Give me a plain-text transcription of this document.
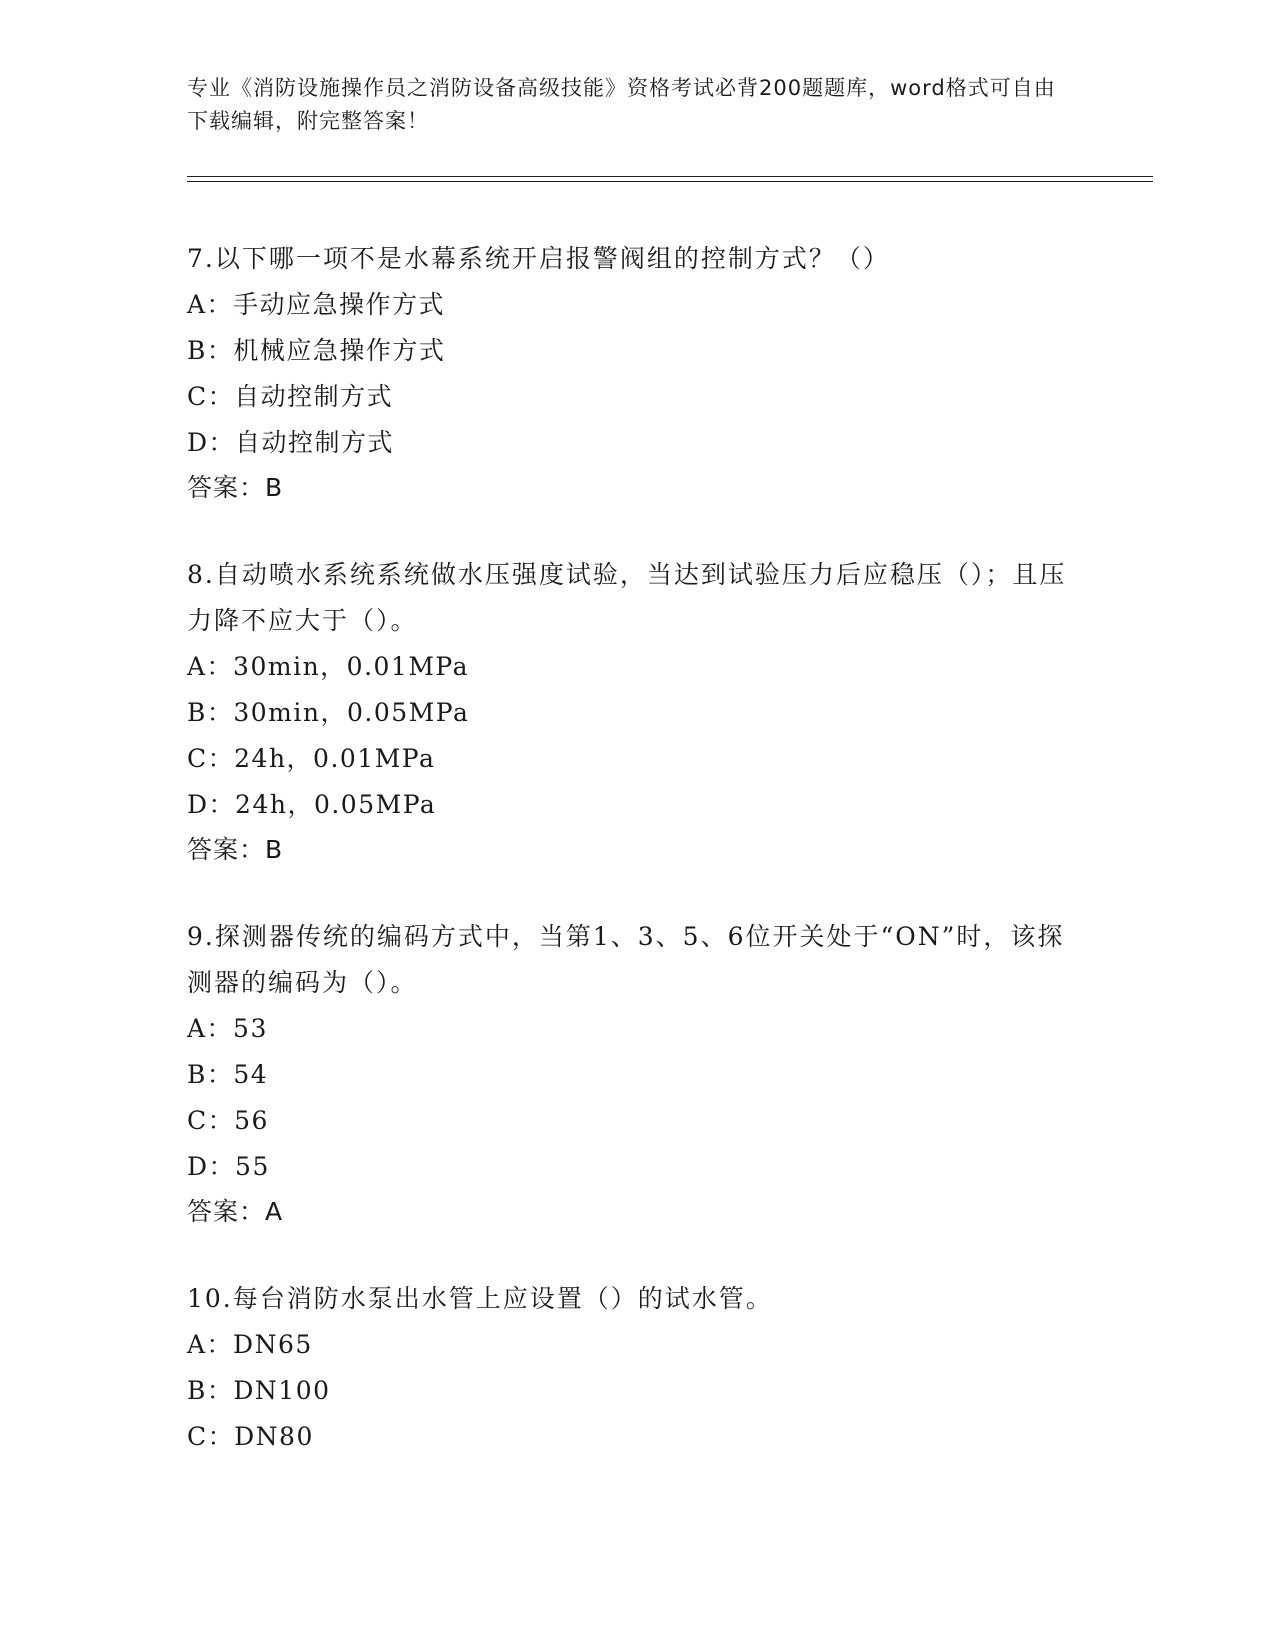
专业《消防设施操作员之消防设备高级技能》资格考试必背200题题库，word格式可自由下载编辑，附完整答案！

7.以下哪一项不是水幕系统开启报警阀组的控制方式？（）

A：手动应急操作方式

B：机械应急操作方式

C：自动控制方式

D：自动控制方式

答案：B

8.自动喷水系统系统做水压强度试验，当达到试验压力后应稳压（）；且压力降不应大于（）。

A：30min，0.01MPa

B：30min，0.05MPa

C：24h，0.01MPa

D：24h，0.05MPa

答案：B

9.探测器传统的编码方式中，当第1、3、5、6位开关处于“ON”时，该探测器的编码为（）。

A：53

B：54

C：56

D：55

答案：A

10.每台消防水泵出水管上应设置（）的试水管。

A：DN65

B：DN100

C：DN80
